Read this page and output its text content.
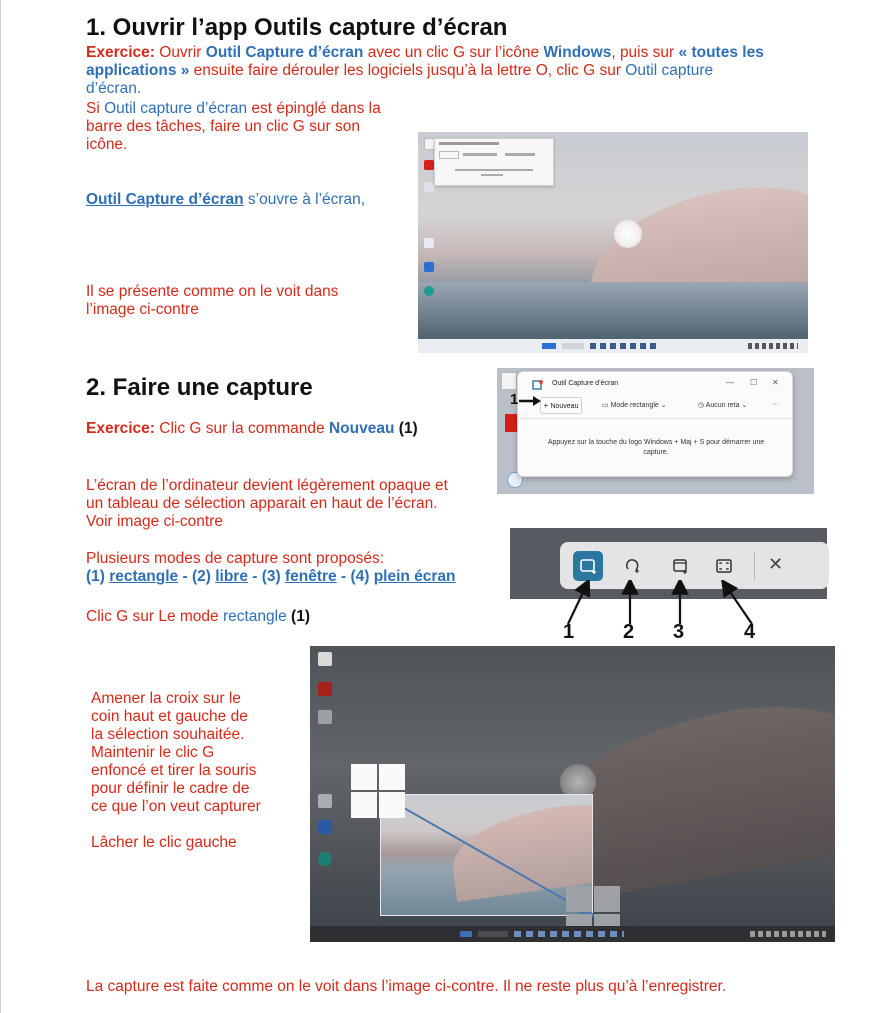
1. Ouvrir l’app Outils capture d’écran
Exercice: Ouvrir Outil Capture d’écran avec un clic G sur l’icône Windows, puis sur « toutes les
applications » ensuite faire dérouler les logiciels jusqu’à la lettre O, clic G sur Outil capture
d’écran.
Si Outil capture d’écran est épinglé dans la
barre des tâches, faire un clic G sur son
icône.
Outil Capture d’écran s’ouvre à l’écran,
Il se présente comme on le voit dans
l’image ci-contre
2. Faire une capture
Exercice: Clic G sur la commande Nouveau (1)
L’écran de l’ordinateur devient légèrement opaque et
un tableau de sélection apparait en haut de l’écran.
Voir image ci-contre
Plusieurs modes de capture sont proposés:
(1) rectangle - (2) libre - (3) fenêtre - (4) plein écran
Clic G sur Le mode rectangle (1)
Outil Capture d’écran	— ☐ ✕
+ Nouveau	▭ Mode rectangle ⌄	◷ Aucun reta ⌄	···
Appuyez sur la touche du logo Windows + Maj + S pour démarrer une
capture.
1
✕
1 2 3	4
Amener la croix sur le
coin haut et gauche de
la sélection souhaitée.
Maintenir le clic G
enfoncé et tirer la souris
pour définir le cadre de
ce que l’on veut capturer
Lâcher le clic gauche
La capture est faite comme on le voit dans l’image ci-contre. Il ne reste plus qu’à l’enregistrer.
